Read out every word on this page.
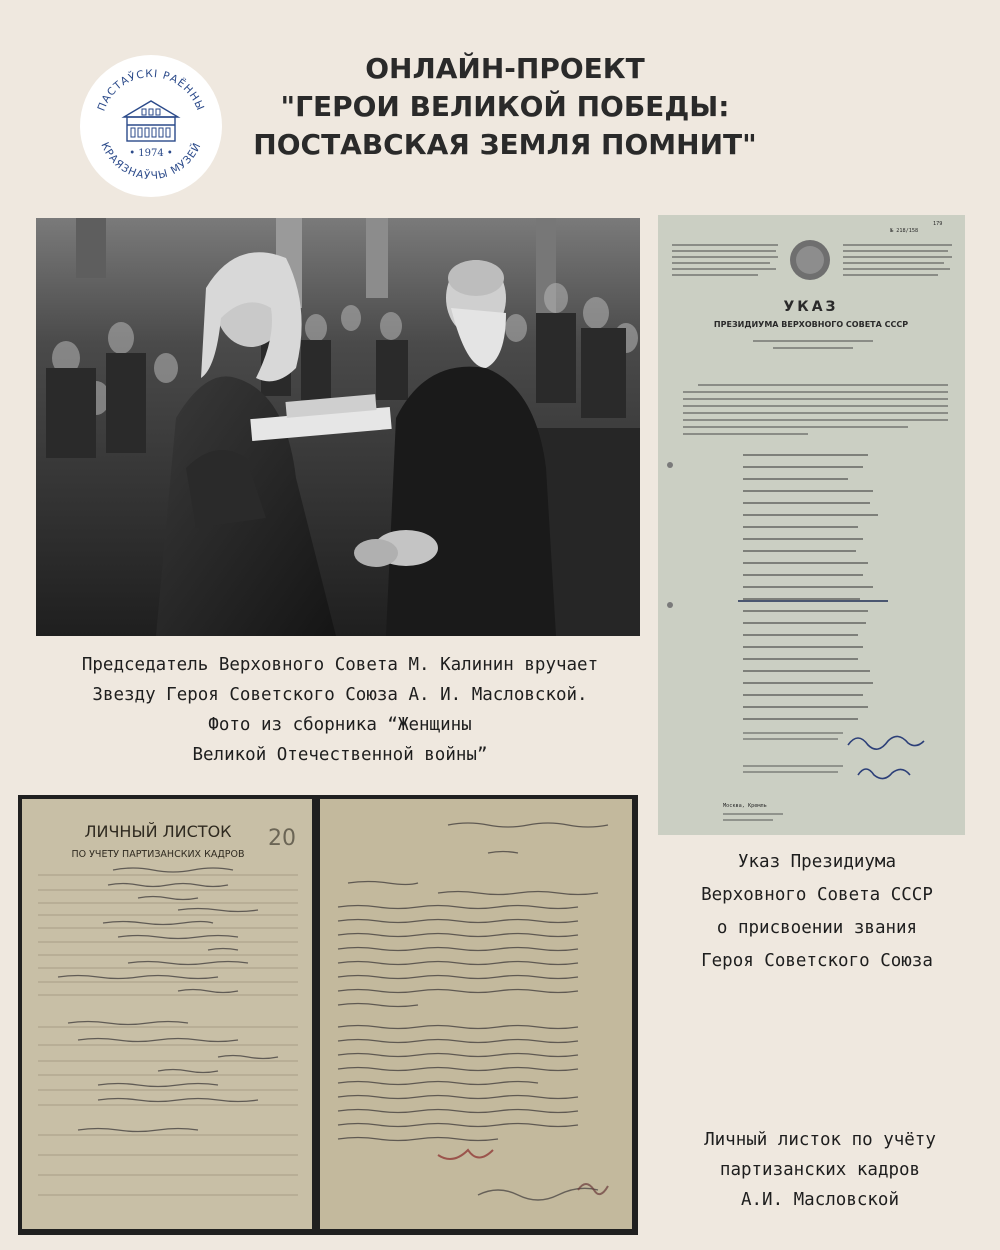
ПАСТАЎСКІ РАЁННЫ
КРАЯЗНАЎЧЫ МУЗЕЙ
• 1974 •
ОНЛАЙН-ПРОЕКТ
"ГЕРОИ ВЕЛИКОЙ ПОБЕДЫ:
ПОСТАВСКАЯ ЗЕМЛЯ ПОМНИТ"
Председатель Верховного Совета М. Калинин вручает
Звезду Героя Советского Союза А. И. Масловской.
Фото из сборника “Женщины
Великой Отечественной войны”
№ 218/158
179
УКАЗ
ПРЕЗИДИУМА ВЕРХОВНОГО СОВЕТА СССР
Москва, Кремль
Указ Президиума
Верховного Совета СССР
о присвоении звания
Героя Советского Союза
ЛИЧНЫЙ ЛИСТОК
ПО УЧЕТУ ПАРТИЗАНСКИХ КАДРОВ
20
Личный листок по учёту
партизанских кадров
А.И. Масловской
